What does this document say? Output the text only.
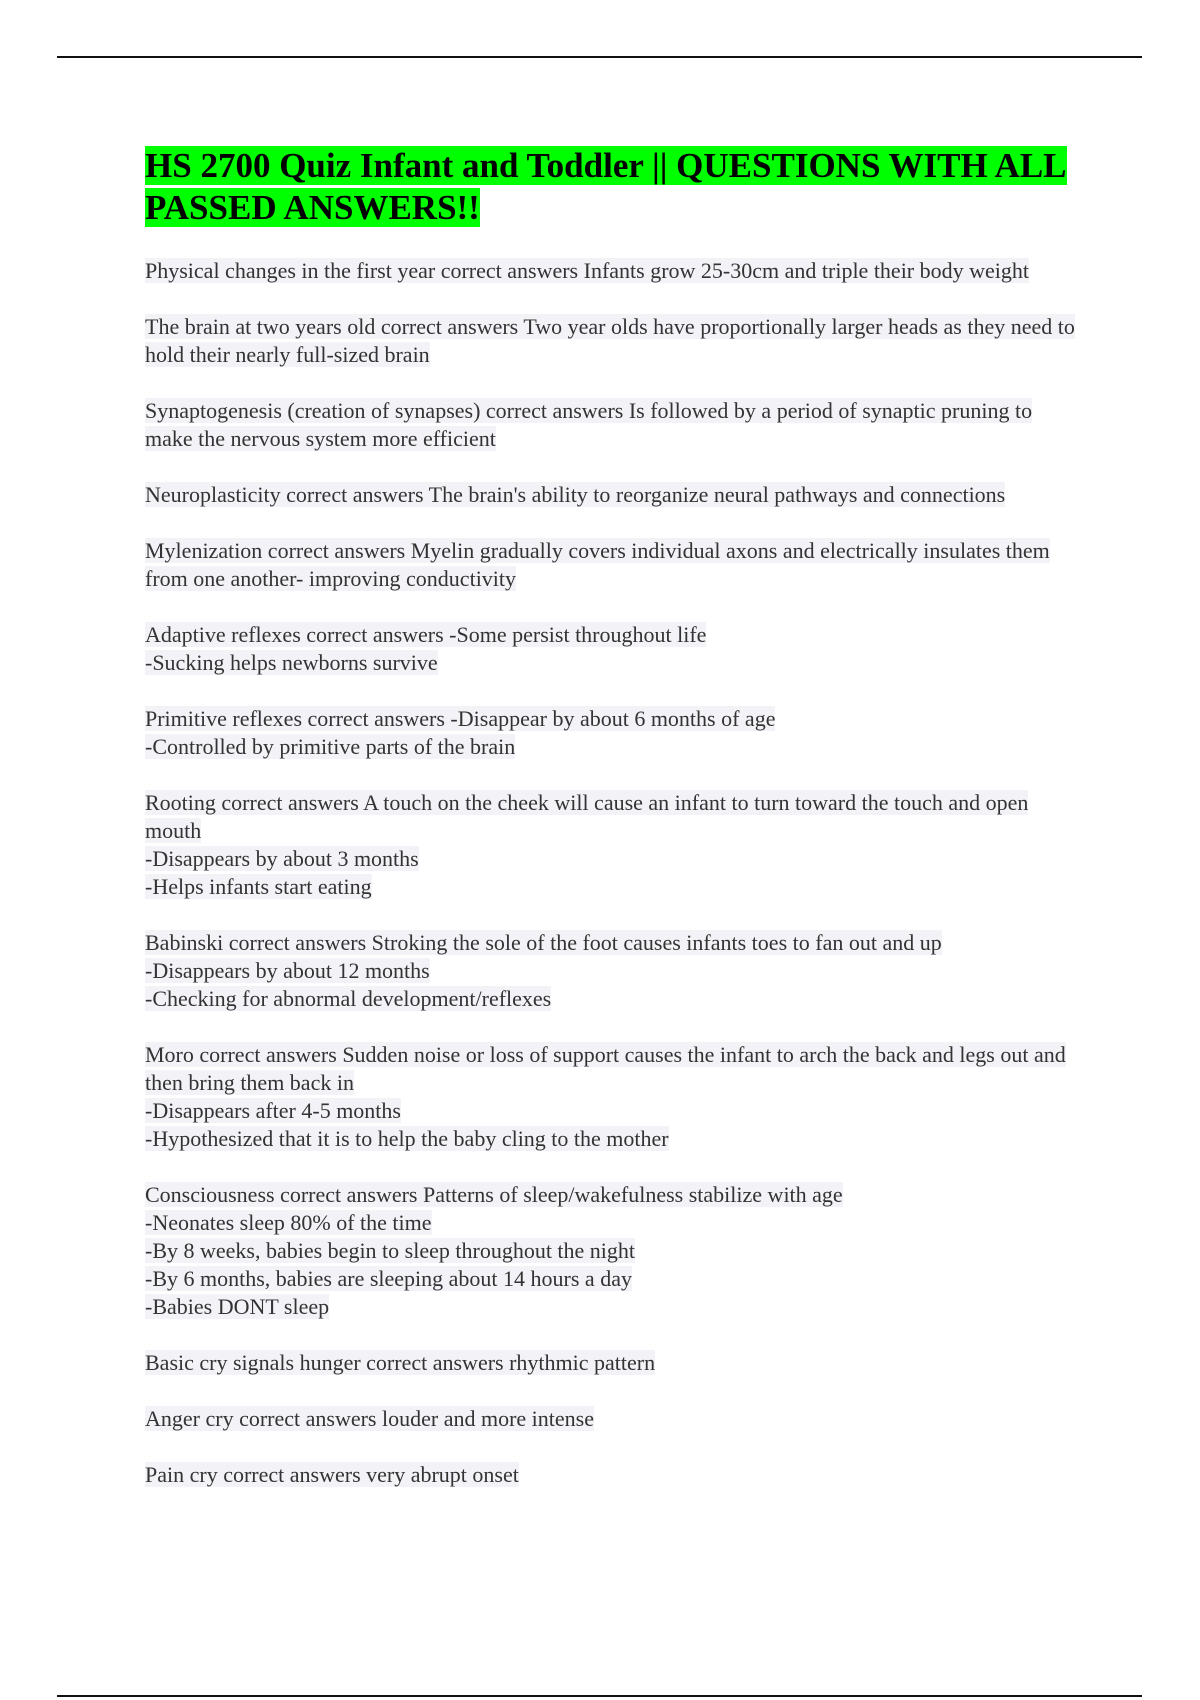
HS 2700 Quiz Infant and Toddler || QUESTIONS WITH ALL PASSED ANSWERS!!
Physical changes in the first year correct answers Infants grow 25-30cm and triple their body weight
The brain at two years old correct answers Two year olds have proportionally larger heads as they need to hold their nearly full-sized brain
Synaptogenesis (creation of synapses) correct answers Is followed by a period of synaptic pruning to make the nervous system more efficient
Neuroplasticity correct answers The brain's ability to reorganize neural pathways and connections
Mylenization correct answers Myelin gradually covers individual axons and electrically insulates them from one another- improving conductivity
Adaptive reflexes correct answers -Some persist throughout life
-Sucking helps newborns survive
Primitive reflexes correct answers -Disappear by about 6 months of age
-Controlled by primitive parts of the brain
Rooting correct answers A touch on the cheek will cause an infant to turn toward the touch and open mouth
-Disappears by about 3 months
-Helps infants start eating
Babinski correct answers Stroking the sole of the foot causes infants toes to fan out and up
-Disappears by about 12 months
-Checking for abnormal development/reflexes
Moro correct answers Sudden noise or loss of support causes the infant to arch the back and legs out and then bring them back in
-Disappears after 4-5 months
-Hypothesized that it is to help the baby cling to the mother
Consciousness correct answers Patterns of sleep/wakefulness stabilize with age
-Neonates sleep 80% of the time
-By 8 weeks, babies begin to sleep throughout the night
-By 6 months, babies are sleeping about 14 hours a day
-Babies DONT sleep
Basic cry signals hunger correct answers rhythmic pattern
Anger cry correct answers louder and more intense
Pain cry correct answers very abrupt onset
